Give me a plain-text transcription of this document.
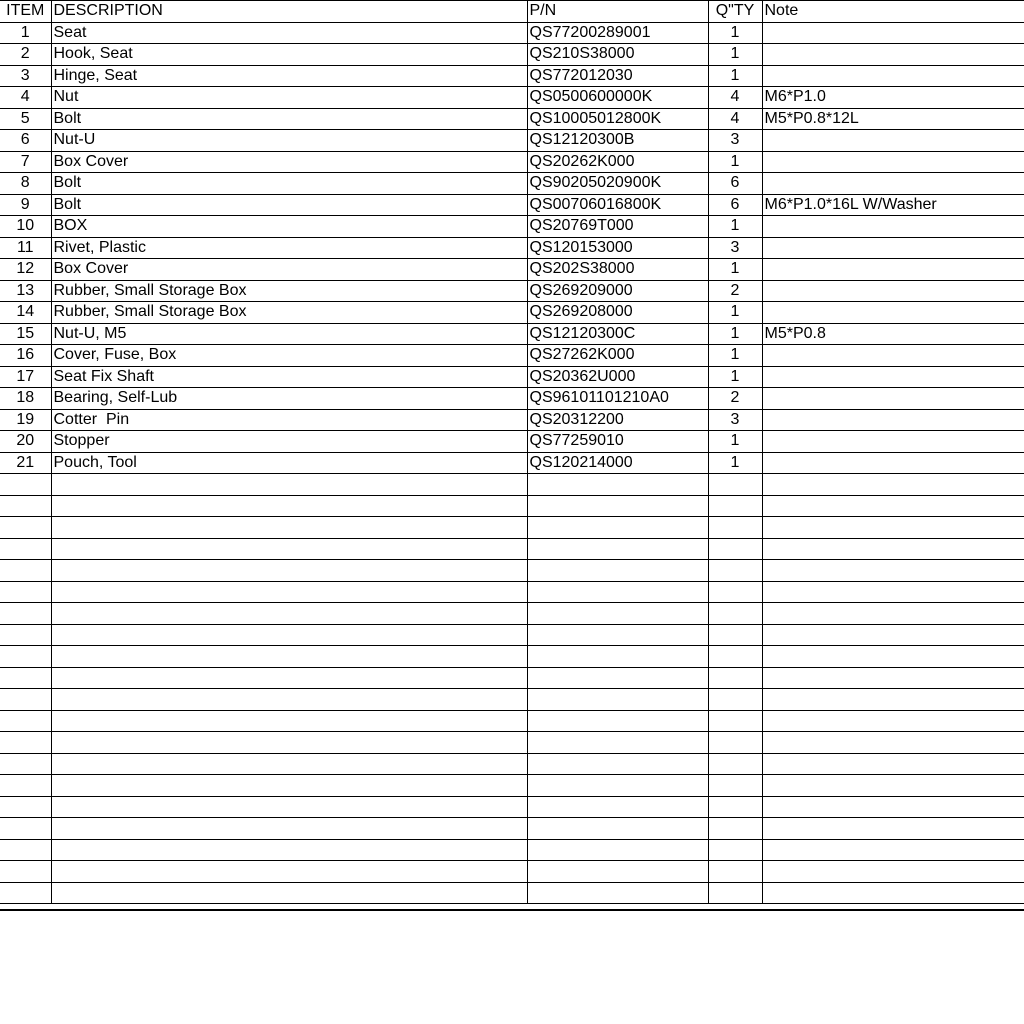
ITEM	DESCRIPTION	P/N	Q"TY	Note
1	Seat	QS77200289001	1	
2	Hook, Seat	QS210S38000	1	
3	Hinge, Seat	QS772012030	1	
4	Nut	QS0500600000K	4	M6*P1.0
5	Bolt	QS10005012800K	4	M5*P0.8*12L
6	Nut-U	QS12120300B	3	
7	Box Cover	QS20262K000	1	
8	Bolt	QS90205020900K	6	
9	Bolt	QS00706016800K	6	M6*P1.0*16L W/Washer
10	BOX	QS20769T000	1	
11	Rivet, Plastic	QS120153000	3	
12	Box Cover	QS202S38000	1	
13	Rubber, Small Storage Box	QS269209000	2	
14	Rubber, Small Storage Box	QS269208000	1	
15	Nut-U, M5	QS12120300C	1	M5*P0.8
16	Cover, Fuse, Box	QS27262K000	1	
17	Seat Fix Shaft	QS20362U000	1	
18	Bearing, Self-Lub	QS96101101210A0	2	
19	Cotter  Pin	QS20312200	3	
20	Stopper	QS77259010	1	
21	Pouch, Tool	QS120214000	1	
